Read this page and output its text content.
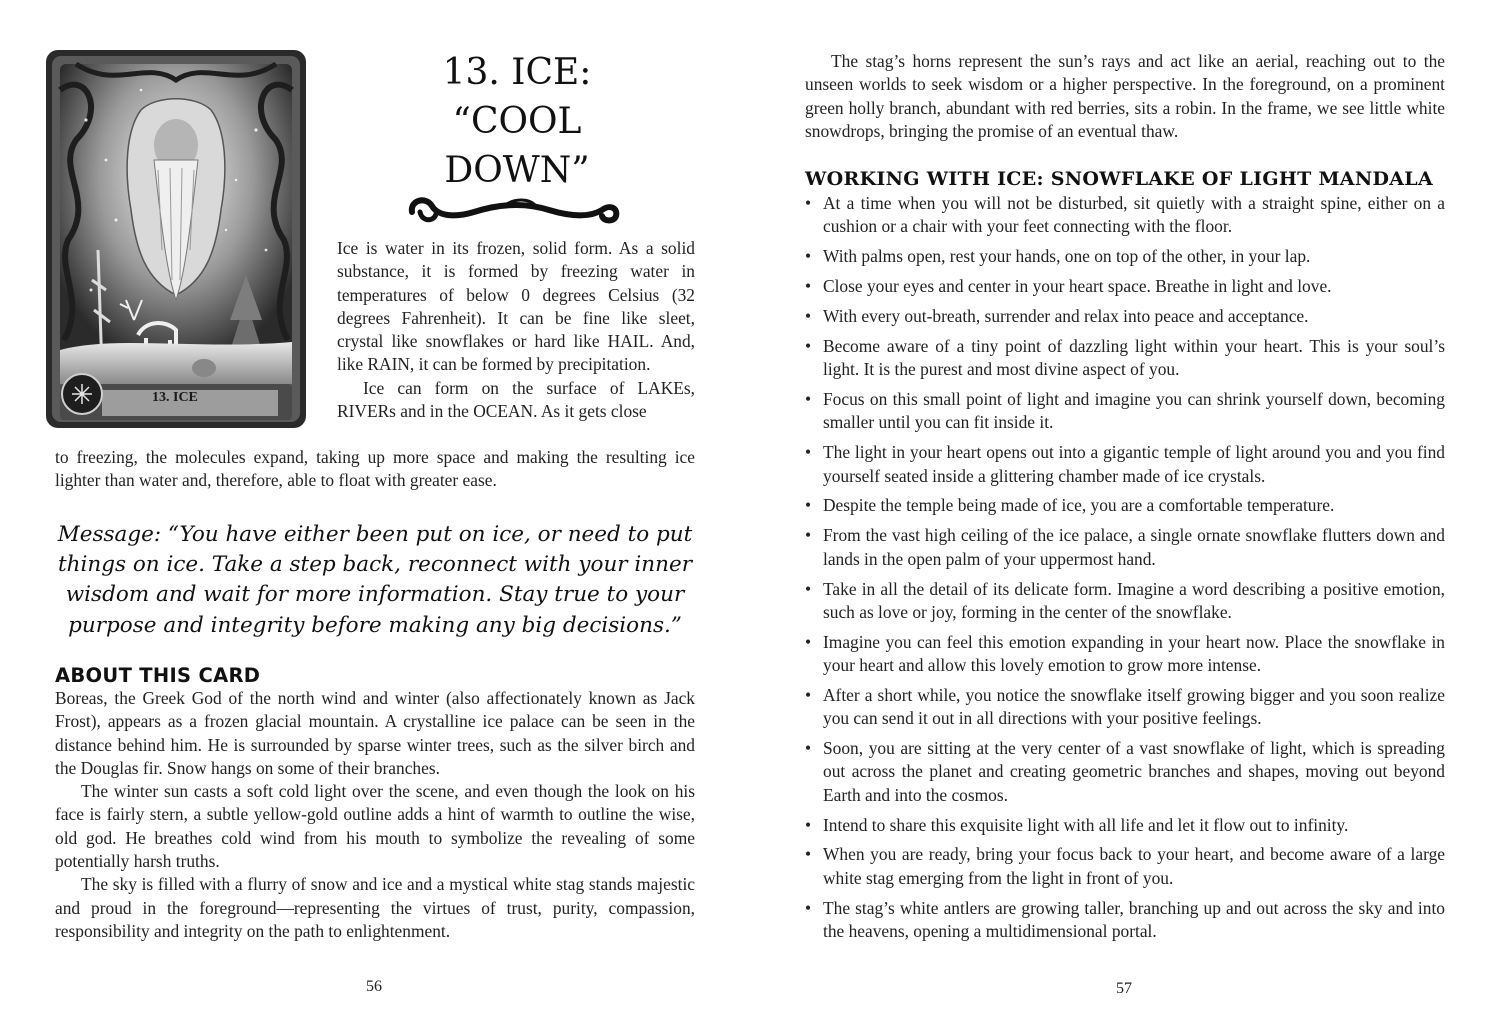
13. ICE
13. ICE:
“COOL
DOWN”

Ice is water in its frozen, solid form. As a solid substance, it is formed by freezing water in temperatures of below 0 degrees Celsius (32 degrees Fahrenheit). It can be fine like sleet, crystal like snowflakes or hard like HAIL. And, like RAIN, it can be formed by precipitation.

Ice can form on the surface of LAKEs, RIVERs and in the OCEAN. As it gets close

to freezing, the molecules expand, taking up more space and making the resulting ice lighter than water and, therefore, able to float with greater ease.

Message: “You have either been put on ice, or need to put things on ice. Take a step back, reconnect with your inner wisdom and wait for more information. Stay true to your purpose and integrity before making any big decisions.”
ABOUT THIS CARD

Boreas, the Greek God of the north wind and winter (also affectionately known as Jack Frost), appears as a frozen glacial mountain. A crystalline ice palace can be seen in the distance behind him. He is surrounded by sparse winter trees, such as the silver birch and the Douglas fir. Snow hangs on some of their branches.

The winter sun casts a soft cold light over the scene, and even though the look on his face is fairly stern, a subtle yellow-gold outline adds a hint of warmth to outline the wise, old god. He breathes cold wind from his mouth to symbolize the revealing of some potentially harsh truths.

The sky is filled with a flurry of snow and ice and a mystical white stag stands majestic and proud in the foreground—representing the virtues of trust, purity, compassion, responsibility and integrity on the path to enlightenment.

56

The stag’s horns represent the sun’s rays and act like an aerial, reaching out to the unseen worlds to seek wisdom or a higher perspective. In the foreground, on a prominent green holly branch, abundant with red berries, sits a robin. In the frame, we see little white snowdrops, bringing the promise of an eventual thaw.

WORKING WITH ICE: SNOWFLAKE OF LIGHT MANDALA
• At a time when you will not be disturbed, sit quietly with a straight spine, either on a cushion or a chair with your feet connecting with the floor.
• With palms open, rest your hands, one on top of the other, in your lap.
• Close your eyes and center in your heart space. Breathe in light and love.
• With every out-breath, surrender and relax into peace and acceptance.
• Become aware of a tiny point of dazzling light within your heart. This is your soul’s light. It is the purest and most divine aspect of you.
• Focus on this small point of light and imagine you can shrink yourself down, becoming smaller until you can fit inside it.
• The light in your heart opens out into a gigantic temple of light around you and you find yourself seated inside a glittering chamber made of ice crystals.
• Despite the temple being made of ice, you are a comfortable temperature.
• From the vast high ceiling of the ice palace, a single ornate snowflake flutters down and lands in the open palm of your uppermost hand.
• Take in all the detail of its delicate form. Imagine a word describing a positive emotion, such as love or joy, forming in the center of the snowflake.
• Imagine you can feel this emotion expanding in your heart now. Place the snowflake in your heart and allow this lovely emotion to grow more intense.
• After a short while, you notice the snowflake itself growing bigger and you soon realize you can send it out in all directions with your positive feelings.
• Soon, you are sitting at the very center of a vast snowflake of light, which is spreading out across the planet and creating geometric branches and shapes, moving out beyond Earth and into the cosmos.
• Intend to share this exquisite light with all life and let it flow out to infinity.
• When you are ready, bring your focus back to your heart, and become aware of a large white stag emerging from the light in front of you.
• The stag’s white antlers are growing taller, branching up and out across the sky and into the heavens, opening a multidimensional portal.
57
